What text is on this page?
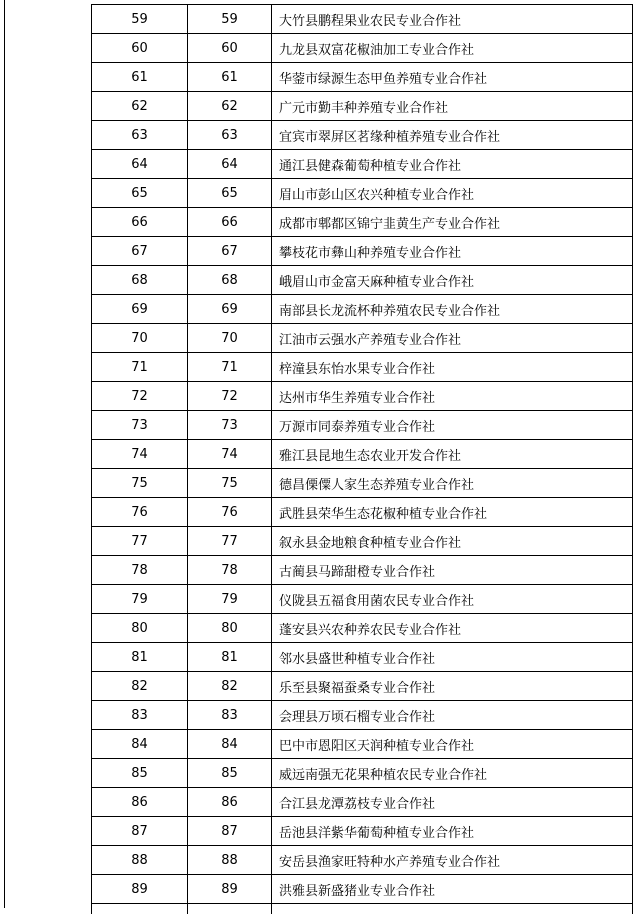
59	59	大竹县鹏程果业农民专业合作社
60	60	九龙县双富花椒油加工专业合作社
61	61	华蓥市绿源生态甲鱼养殖专业合作社
62	62	广元市勤丰种养殖专业合作社
63	63	宜宾市翠屏区茗缘种植养殖专业合作社
64	64	通江县健森葡萄种植专业合作社
65	65	眉山市彭山区农兴种植专业合作社
66	66	成都市郫都区锦宁韭黄生产专业合作社
67	67	攀枝花市彝山种养殖专业合作社
68	68	峨眉山市金富天麻种植专业合作社
69	69	南部县长龙流杯种养殖农民专业合作社
70	70	江油市云强水产养殖专业合作社
71	71	梓潼县东怡水果专业合作社
72	72	达州市华生养殖专业合作社
73	73	万源市同泰养殖专业合作社
74	74	雅江县昆地生态农业开发合作社
75	75	德昌傈僳人家生态养殖专业合作社
76	76	武胜县荣华生态花椒种植专业合作社
77	77	叙永县金地粮食种植专业合作社
78	78	古蔺县马蹄甜橙专业合作社
79	79	仪陇县五福食用菌农民专业合作社
80	80	蓬安县兴农种养农民专业合作社
81	81	邻水县盛世种植专业合作社
82	82	乐至县聚福蚕桑专业合作社
83	83	会理县万顷石榴专业合作社
84	84	巴中市恩阳区天润种植专业合作社
85	85	威远南强无花果种植农民专业合作社
86	86	合江县龙潭荔枝专业合作社
87	87	岳池县洋紫华葡萄种植专业合作社
88	88	安岳县渔家旺特种水产养殖专业合作社
89	89	洪雅县新盛猪业专业合作社
